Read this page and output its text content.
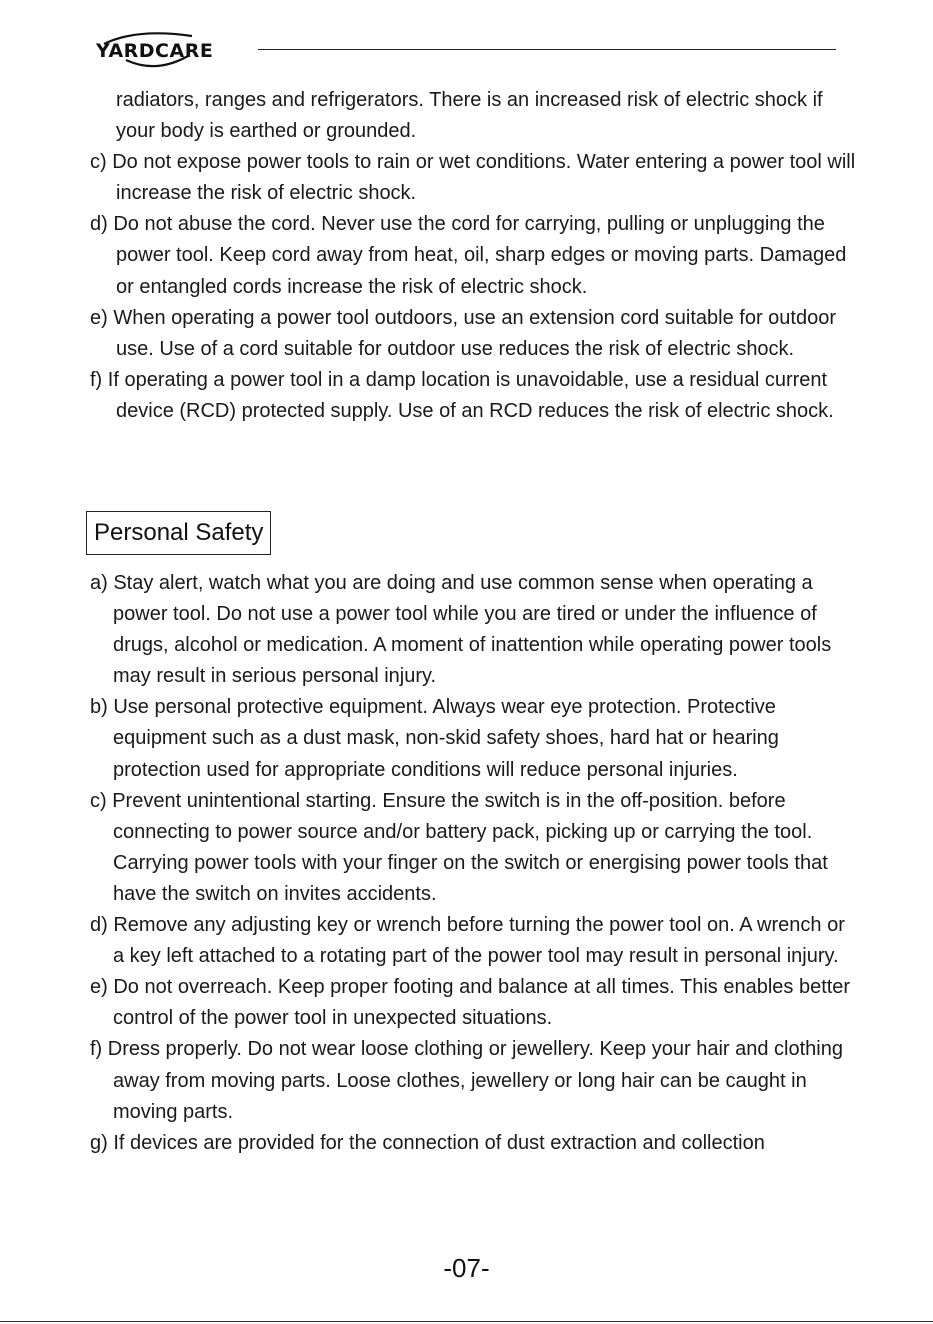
YARDCARE

radiators, ranges and refrigerators. There is an increased risk of electric shock if your body is earthed or grounded.

c) Do not expose power tools to rain or wet conditions. Water entering a power tool will increase the risk of electric shock.

d) Do not abuse the cord. Never use the cord for carrying, pulling or unplugging the power tool. Keep cord away from heat, oil, sharp edges or moving parts. Damaged or entangled cords increase the risk of electric shock.

e) When operating a power tool outdoors, use an extension cord suitable for outdoor use. Use of a cord suitable for outdoor use reduces the risk of electric shock.

f) If operating a power tool in a damp location is unavoidable, use a residual current device (RCD) protected supply. Use of an RCD reduces the risk of electric shock.

Personal Safety

a) Stay alert, watch what you are doing and use common sense when operating a power tool. Do not use a power tool while you are tired or under the influence of drugs, alcohol or medication. A moment of inattention while operating power tools may result in serious personal injury.

b) Use personal protective equipment. Always wear eye protection. Protective equipment such as a dust mask, non-skid safety shoes, hard hat or hearing protection used for appropriate conditions will reduce personal injuries.

c) Prevent unintentional starting. Ensure the switch is in the off-position. before connecting to power source and/or battery pack, picking up or carrying the tool. Carrying power tools with your finger on the switch or energising power tools that have the switch on invites accidents.

d) Remove any adjusting key or wrench before turning the power tool on. A wrench or a key left attached to a rotating part of the power tool may result in personal injury.

e) Do not overreach. Keep proper footing and balance at all times. This enables better control of the power tool in unexpected situations.

f) Dress properly. Do not wear loose clothing or jewellery. Keep your hair and clothing away from moving parts. Loose clothes, jewellery or long hair can be caught in moving parts.

g) If devices are provided for the connection of dust extraction and collection

-07-
